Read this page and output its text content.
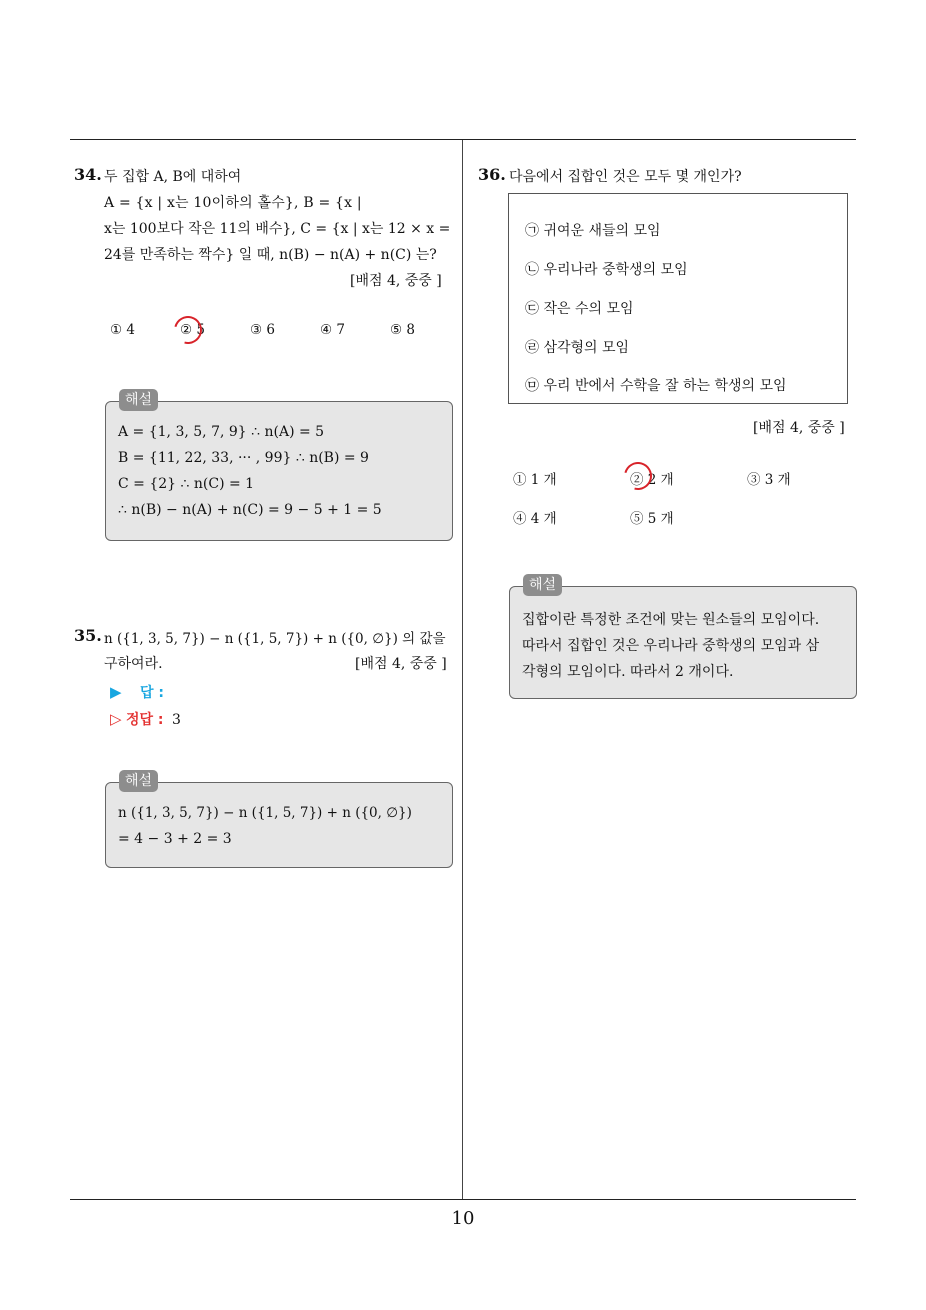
34. 두 집합 A, B에 대하여
A = {x | x는 10이하의 홀수}, B = {x |
x는 100보다 작은 11의 배수}, C = {x | x는 12 × x =
24를 만족하는 짝수} 일 때, n(B) − n(A) + n(C) 는?
[배점 4, 중중 ]
① 4	② 5	③ 6	④ 7	⑤ 8
A = {1, 3, 5, 7, 9} ∴ n(A) = 5
B = {11, 22, 33, ··· , 99} ∴ n(B) = 9
C = {2} ∴ n(C) = 1
∴ n(B) − n(A) + n(C) = 9 − 5 + 1 = 5
해설
35. n ({1, 3, 5, 7}) − n ({1, 5, 7}) + n ({0, ∅}) 의 값을
구하여라.	[배점 4, 중중 ]
▶ 답 :
▷ 정답 : 3
n ({1, 3, 5, 7}) − n ({1, 5, 7}) + n ({0, ∅})
= 4 − 3 + 2 = 3
해설
36. 다음에서 집합인 것은 모두 몇 개인가?
㉠ 귀여운 새들의 모임
㉡ 우리나라 중학생의 모임
㉢ 작은 수의 모임
㉣ 삼각형의 모임
㉤ 우리 반에서 수학을 잘 하는 학생의 모임
[배점 4, 중중 ]
① 1 개	② 2 개	③ 3 개
④ 4 개	⑤ 5 개
집합이란 특정한 조건에 맞는 원소들의 모임이다.
따라서 집합인 것은 우리나라 중학생의 모임과 삼
각형의 모임이다. 따라서 2 개이다.
해설
10
